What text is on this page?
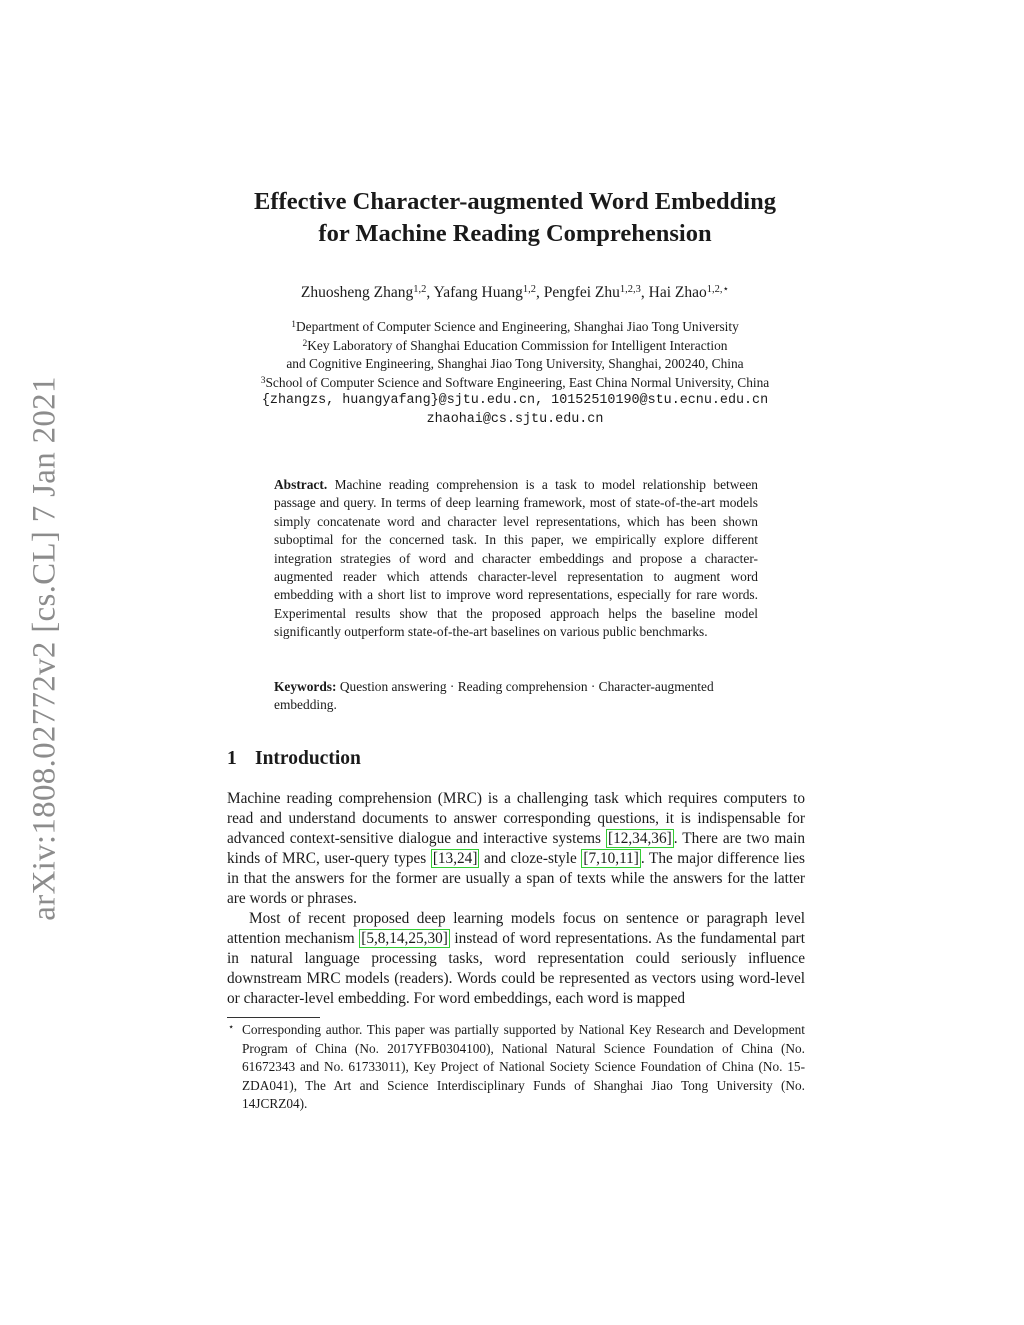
arXiv:1808.02772v2 [cs.CL] 7 Jan 2021
Effective Character-augmented Word Embedding
for Machine Reading Comprehension
Zhuosheng Zhang$^{1,2}$, Yafang Huang$^{1,2}$, Pengfei Zhu$^{1,2,3}$, Hai Zhao$^{1,2,⋆}$
$^1$Department of Computer Science and Engineering, Shanghai Jiao Tong University
$^2$Key Laboratory of Shanghai Education Commission for Intelligent Interaction
and Cognitive Engineering, Shanghai Jiao Tong University, Shanghai, 200240, China
$^3$School of Computer Science and Software Engineering, East China Normal University, China
{zhangzs, huangyafang}@sjtu.edu.cn, 10152510190@stu.ecnu.edu.cn
zhaohai@cs.sjtu.edu.cn
Abstract. Machine reading comprehension is a task to model relationship between passage and query. In terms of deep learning framework, most of state-of-the-art models simply concatenate word and character level representations, which has been shown suboptimal for the concerned task. In this paper, we empirically explore different integration strategies of word and character embeddings and propose a character-augmented reader which attends character-level representation to augment word embedding with a short list to improve word representations, especially for rare words. Experimental results show that the proposed approach helps the baseline model significantly outperform state-of-the-art baselines on various public benchmarks.
Keywords: Question answering · Reading comprehension · Character-augmented embedding.
1 Introduction

Machine reading comprehension (MRC) is a challenging task which requires computers to read and understand documents to answer corresponding questions, it is indispensable for advanced context-sensitive dialogue and interactive systems [12,34,36] . There are two main kinds of MRC, user-query types [13,24] and cloze-style [7,10,11] . The major difference lies in that the answers for the former are usually a span of texts while the answers for the latter are words or phrases.

Most of recent proposed deep learning models focus on sentence or paragraph level attention mechanism [5,8,14,25,30] instead of word representations. As the fundamental part in natural language processing tasks, word representation could seriously influence downstream MRC models (readers). Words could be represented as vectors using word-level or character-level embedding. For word embeddings, each word is mapped

⋆ Corresponding author. This paper was partially supported by National Key Research and Development Program of China (No. 2017YFB0304100), National Natural Science Foundation of China (No. 61672343 and No. 61733011), Key Project of National Society Science Foundation of China (No. 15-ZDA041), The Art and Science Interdisciplinary Funds of Shanghai Jiao Tong University (No. 14JCRZ04).
